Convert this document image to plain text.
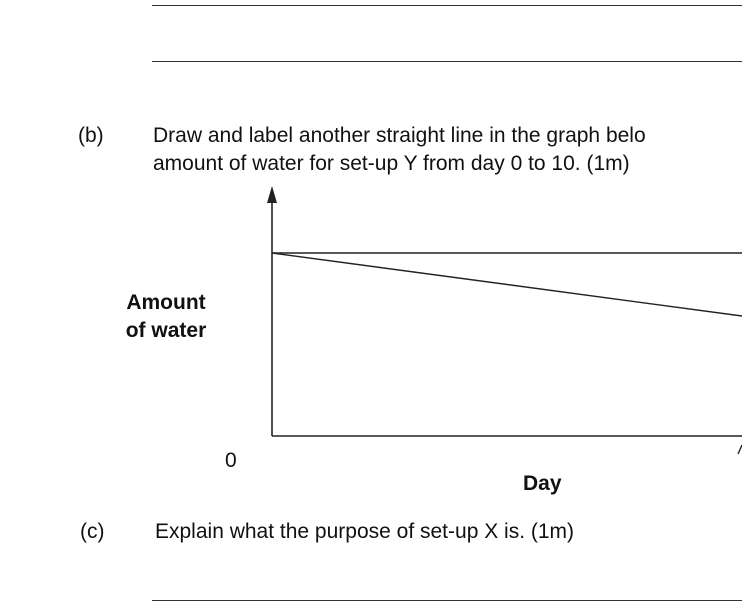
(b) Draw and label another straight line in the graph belo
amount of water for set-up Y from day 0 to 10. (1m)
Amount
of water
0
Day
(c) Explain what the purpose of set-up X is. (1m)
